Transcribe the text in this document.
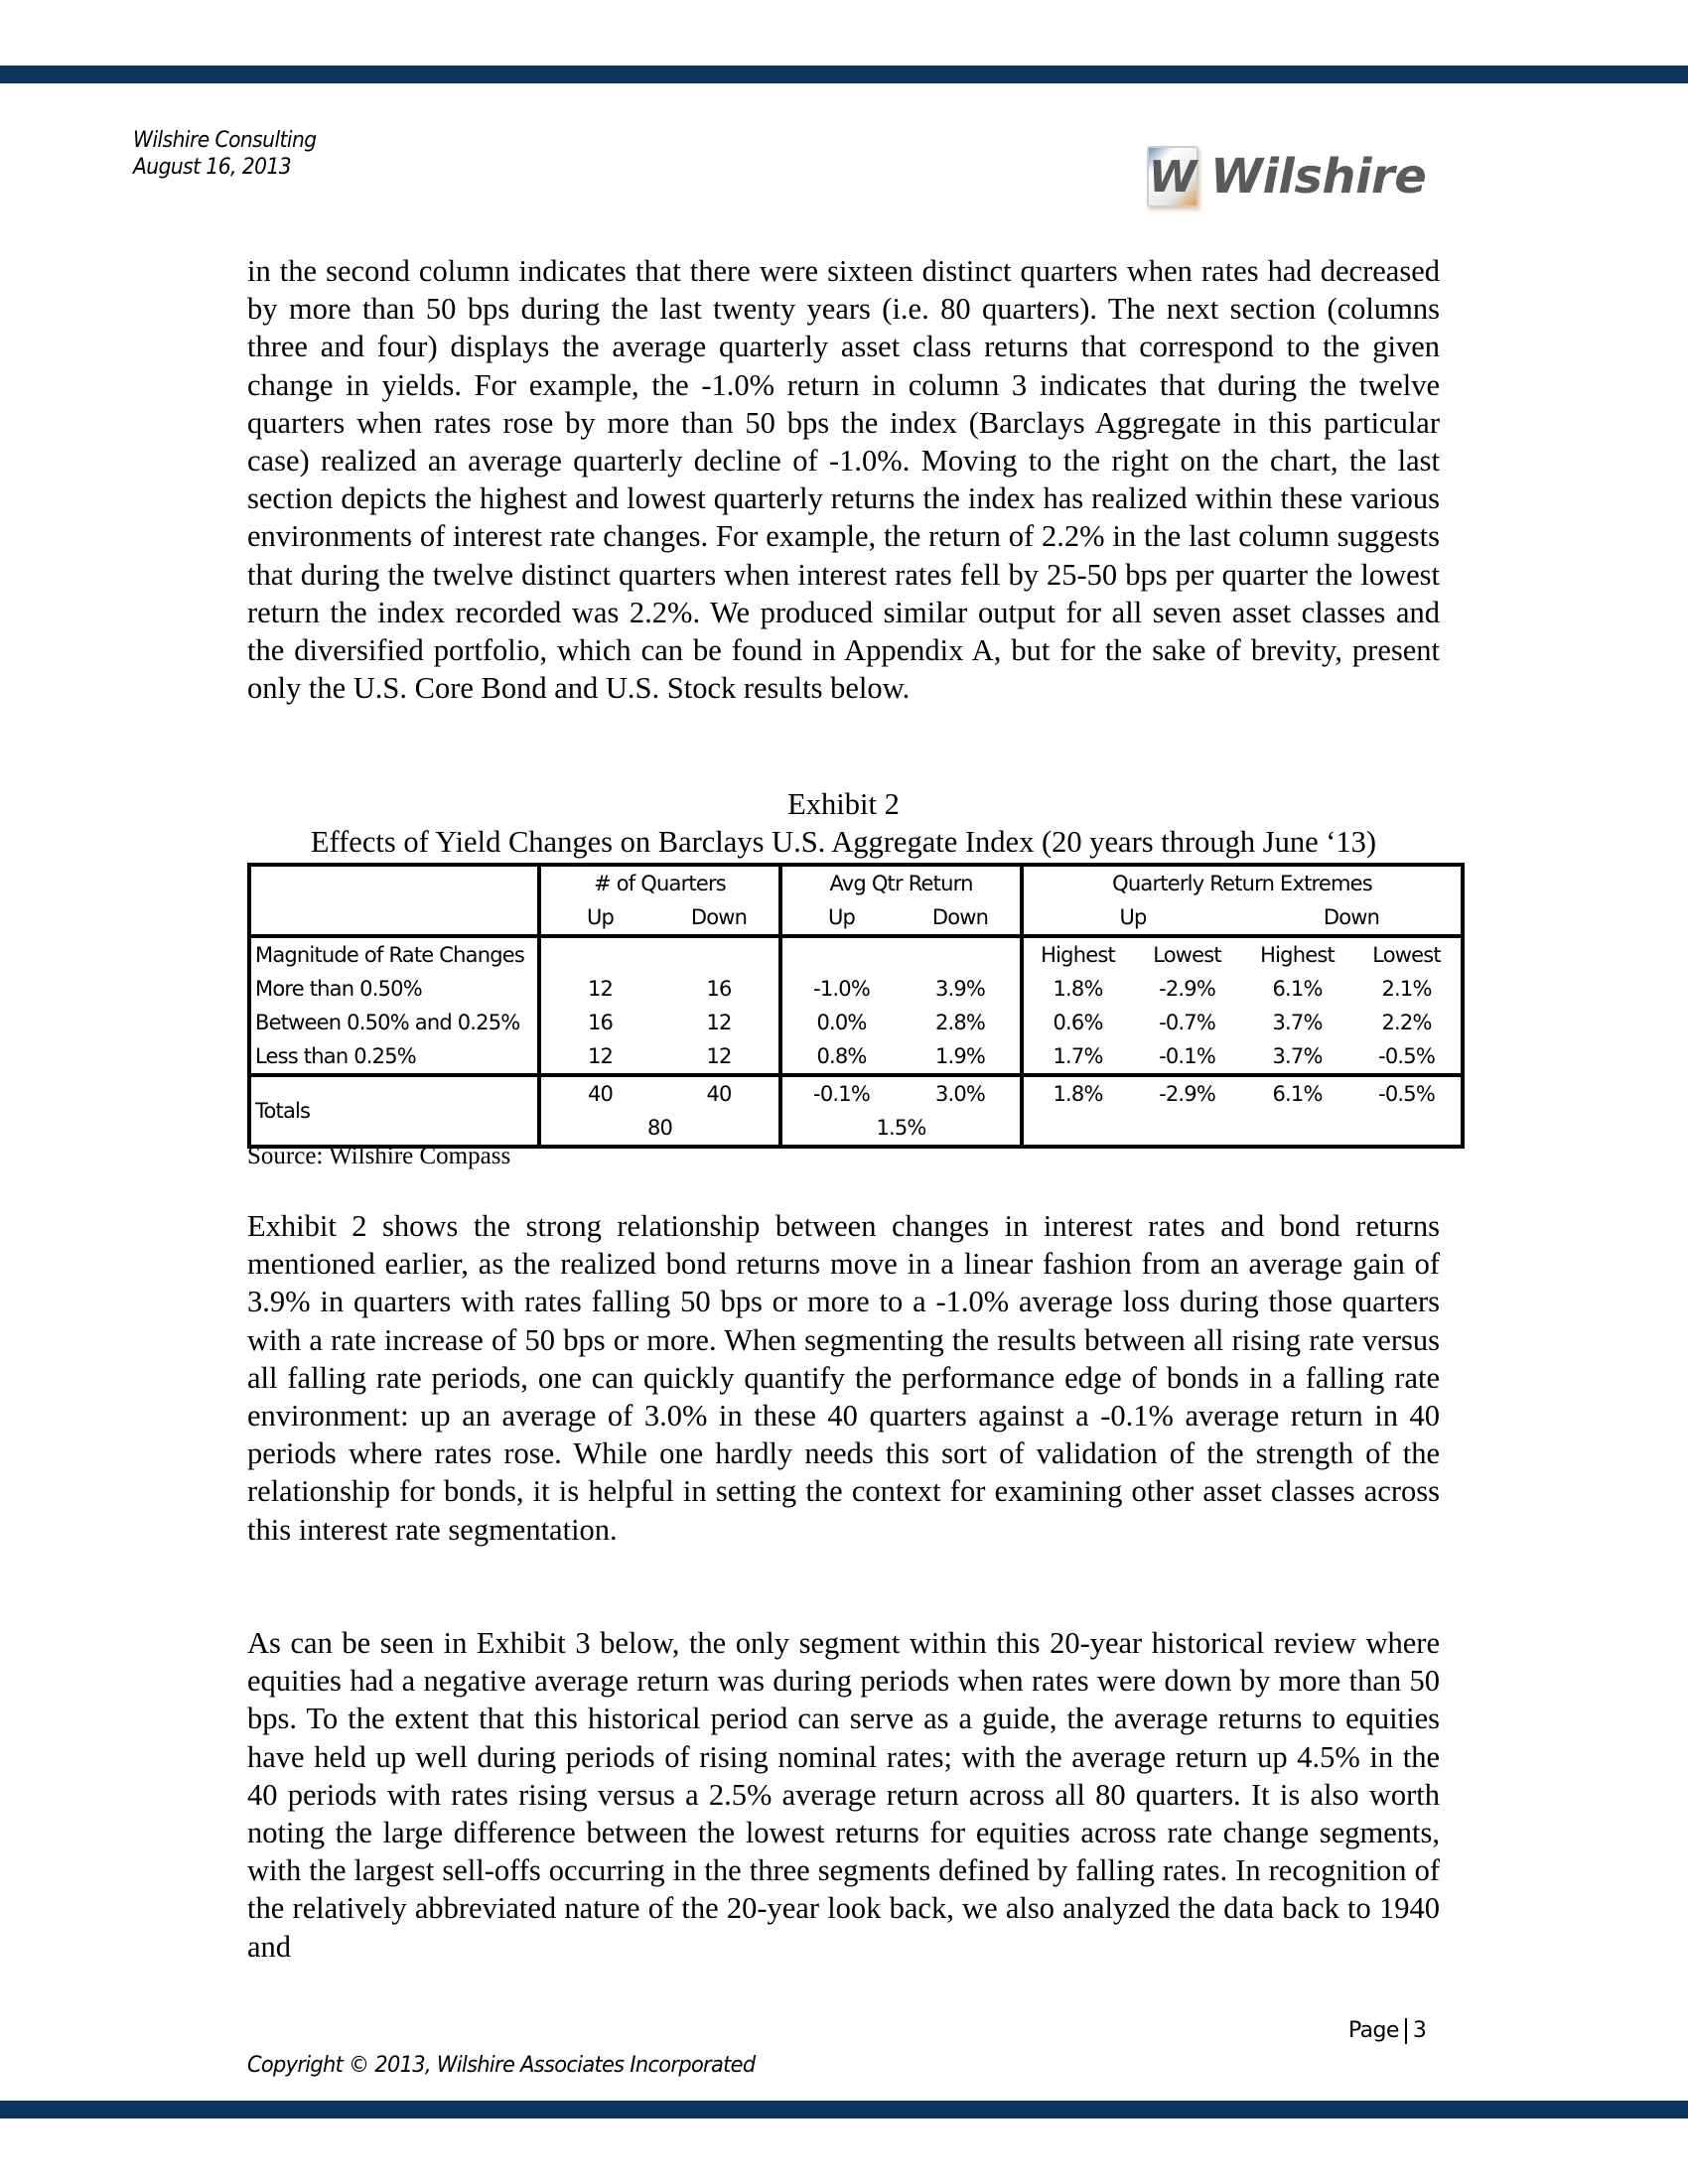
Wilshire Consulting
August 16, 2013	W Wilshire
in the second column indicates that there were sixteen distinct quarters when rates had decreased by more than 50 bps during the last twenty years (i.e. 80 quarters). The next section (columns three and four) displays the average quarterly asset class returns that correspond to the given change in yields. For example, the -1.0% return in column 3 indicates that during the twelve quarters when rates rose by more than 50 bps the index (Barclays Aggregate in this particular case) realized an average quarterly decline of -1.0%. Moving to the right on the chart, the last section depicts the highest and lowest quarterly returns the index has realized within these various environments of interest rate changes. For example, the return of 2.2% in the last column suggests that during the twelve distinct quarters when interest rates fell by 25-50 bps per quarter the lowest return the index recorded was 2.2%. We produced similar output for all seven asset classes and the diversified portfolio, which can be found in Appendix A, but for the sake of brevity, present only the U.S. Core Bond and U.S. Stock results below.
Exhibit 2
Effects of Yield Changes on Barclays U.S. Aggregate Index (20 years through June ‘13)
	# of Quarters		Avg Qtr Return		Quarterly Return Extremes			
	Up	Down	Up	Down	Up		Down	
Magnitude of Rate Changes					Highest	Lowest	Highest	Lowest
More than 0.50%	12	16	-1.0%	3.9%	1.8%	-2.9%	6.1%	2.1%
Between 0.50% and 0.25%	16	12	0.0%	2.8%	0.6%	-0.7%	3.7%	2.2%
Less than 0.25%	12	12	0.8%	1.9%	1.7%	-0.1%	3.7%	-0.5%
Totals	40	40	-0.1%	3.0%	1.8%	-2.9%	6.1%	-0.5%
	80		1.5%					
Source: Wilshire Compass
Exhibit 2 shows the strong relationship between changes in interest rates and bond returns mentioned earlier, as the realized bond returns move in a linear fashion from an average gain of 3.9% in quarters with rates falling 50 bps or more to a -1.0% average loss during those quarters with a rate increase of 50 bps or more. When segmenting the results between all rising rate versus all falling rate periods, one can quickly quantify the performance edge of bonds in a falling rate environment: up an average of 3.0% in these 40 quarters against a -0.1% average return in 40 periods where rates rose. While one hardly needs this sort of validation of the strength of the relationship for bonds, it is helpful in setting the context for examining other asset classes across this interest rate segmentation.
As can be seen in Exhibit 3 below, the only segment within this 20-year historical review where equities had a negative average return was during periods when rates were down by more than 50 bps. To the extent that this historical period can serve as a guide, the average returns to equities have held up well during periods of rising nominal rates; with the average return up 4.5% in the 40 periods with rates rising versus a 2.5% average return across all 80 quarters. It is also worth noting the large difference between the lowest returns for equities across rate change segments, with the largest sell-offs occurring in the three segments defined by falling rates. In recognition of the relatively abbreviated nature of the 20-year look back, we also analyzed the data back to 1940 and
Page 3
Copyright © 2013, Wilshire Associates Incorporated
